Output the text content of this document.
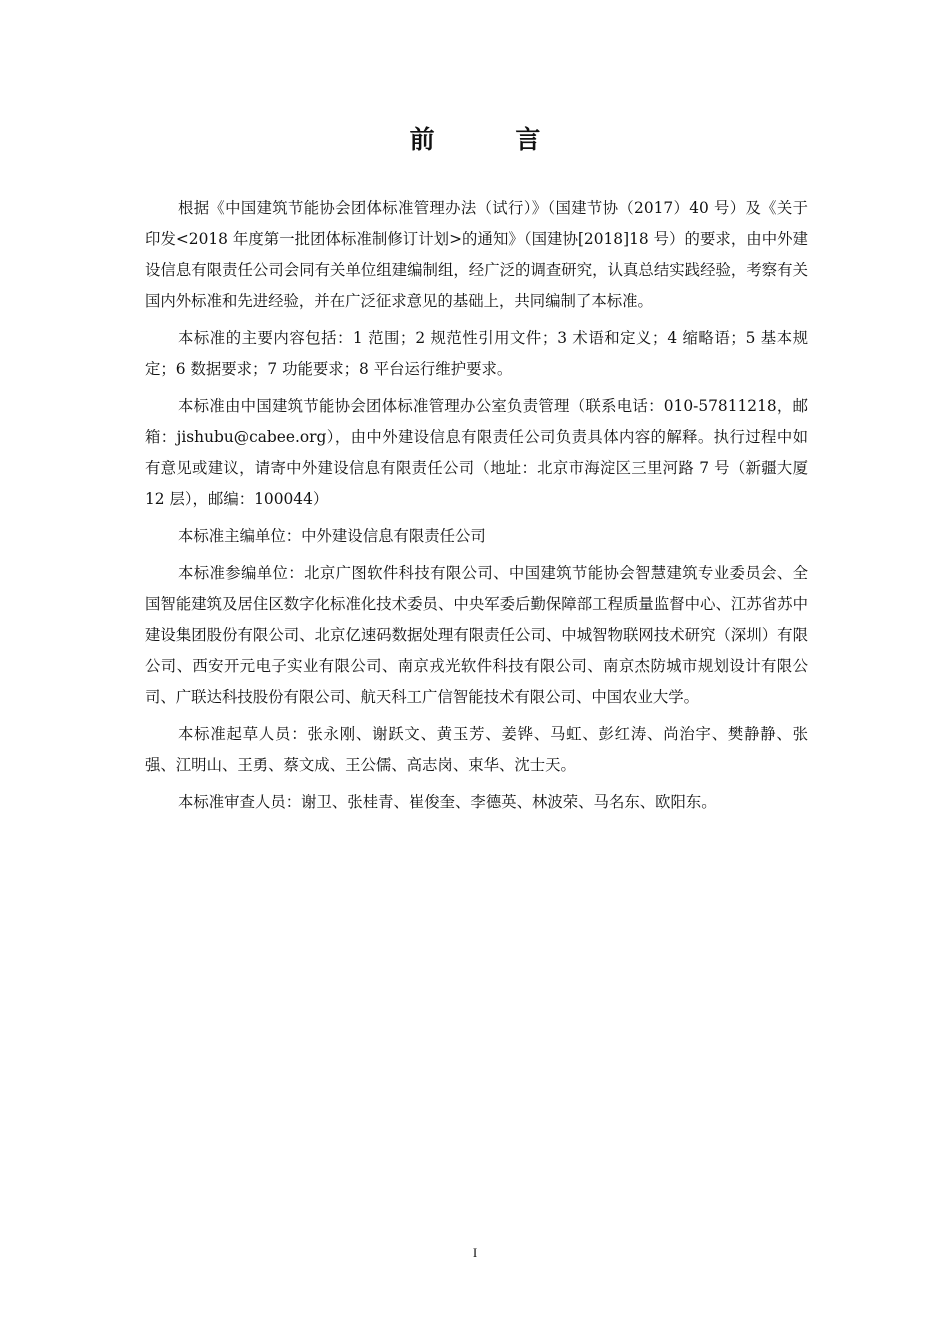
前 言

根据《中国建筑节能协会团体标准管理办法（试行）》（国建节协（2017）40 号）及《关于印发<2018 年度第一批团体标准制修订计划>的通知》（国建协[2018]18 号）的要求，由中外建设信息有限责任公司会同有关单位组建编制组，经广泛的调查研究，认真总结实践经验，考察有关国内外标准和先进经验，并在广泛征求意见的基础上，共同编制了本标准。

本标准的主要内容包括：1 范围；2 规范性引用文件；3 术语和定义；4 缩略语；5 基本规定；6 数据要求；7 功能要求；8 平台运行维护要求。

本标准由中国建筑节能协会团体标准管理办公室负责管理（联系电话：010-57811218，邮箱：jishubu@cabee.org），由中外建设信息有限责任公司负责具体内容的解释。执行过程中如有意见或建议，请寄中外建设信息有限责任公司（地址：北京市海淀区三里河路 7 号（新疆大厦 12 层），邮编：100044）

本标准主编单位：中外建设信息有限责任公司

本标准参编单位：北京广图软件科技有限公司、中国建筑节能协会智慧建筑专业委员会、全国智能建筑及居住区数字化标准化技术委员、中央军委后勤保障部工程质量监督中心、江苏省苏中建设集团股份有限公司、北京亿速码数据处理有限责任公司、中城智物联网技术研究（深圳）有限公司、西安开元电子实业有限公司、南京戎光软件科技有限公司、南京杰防城市规划设计有限公司、广联达科技股份有限公司、航天科工广信智能技术有限公司、中国农业大学。

本标准起草人员：张永刚、谢跃文、黄玉芳、姜铧、马虹、彭红涛、尚治宇、樊静静、张强、江明山、王勇、蔡文成、王公儒、高志岗、束华、沈士天。

本标准审查人员：谢卫、张桂青、崔俊奎、李德英、林波荣、马名东、欧阳东。

I
